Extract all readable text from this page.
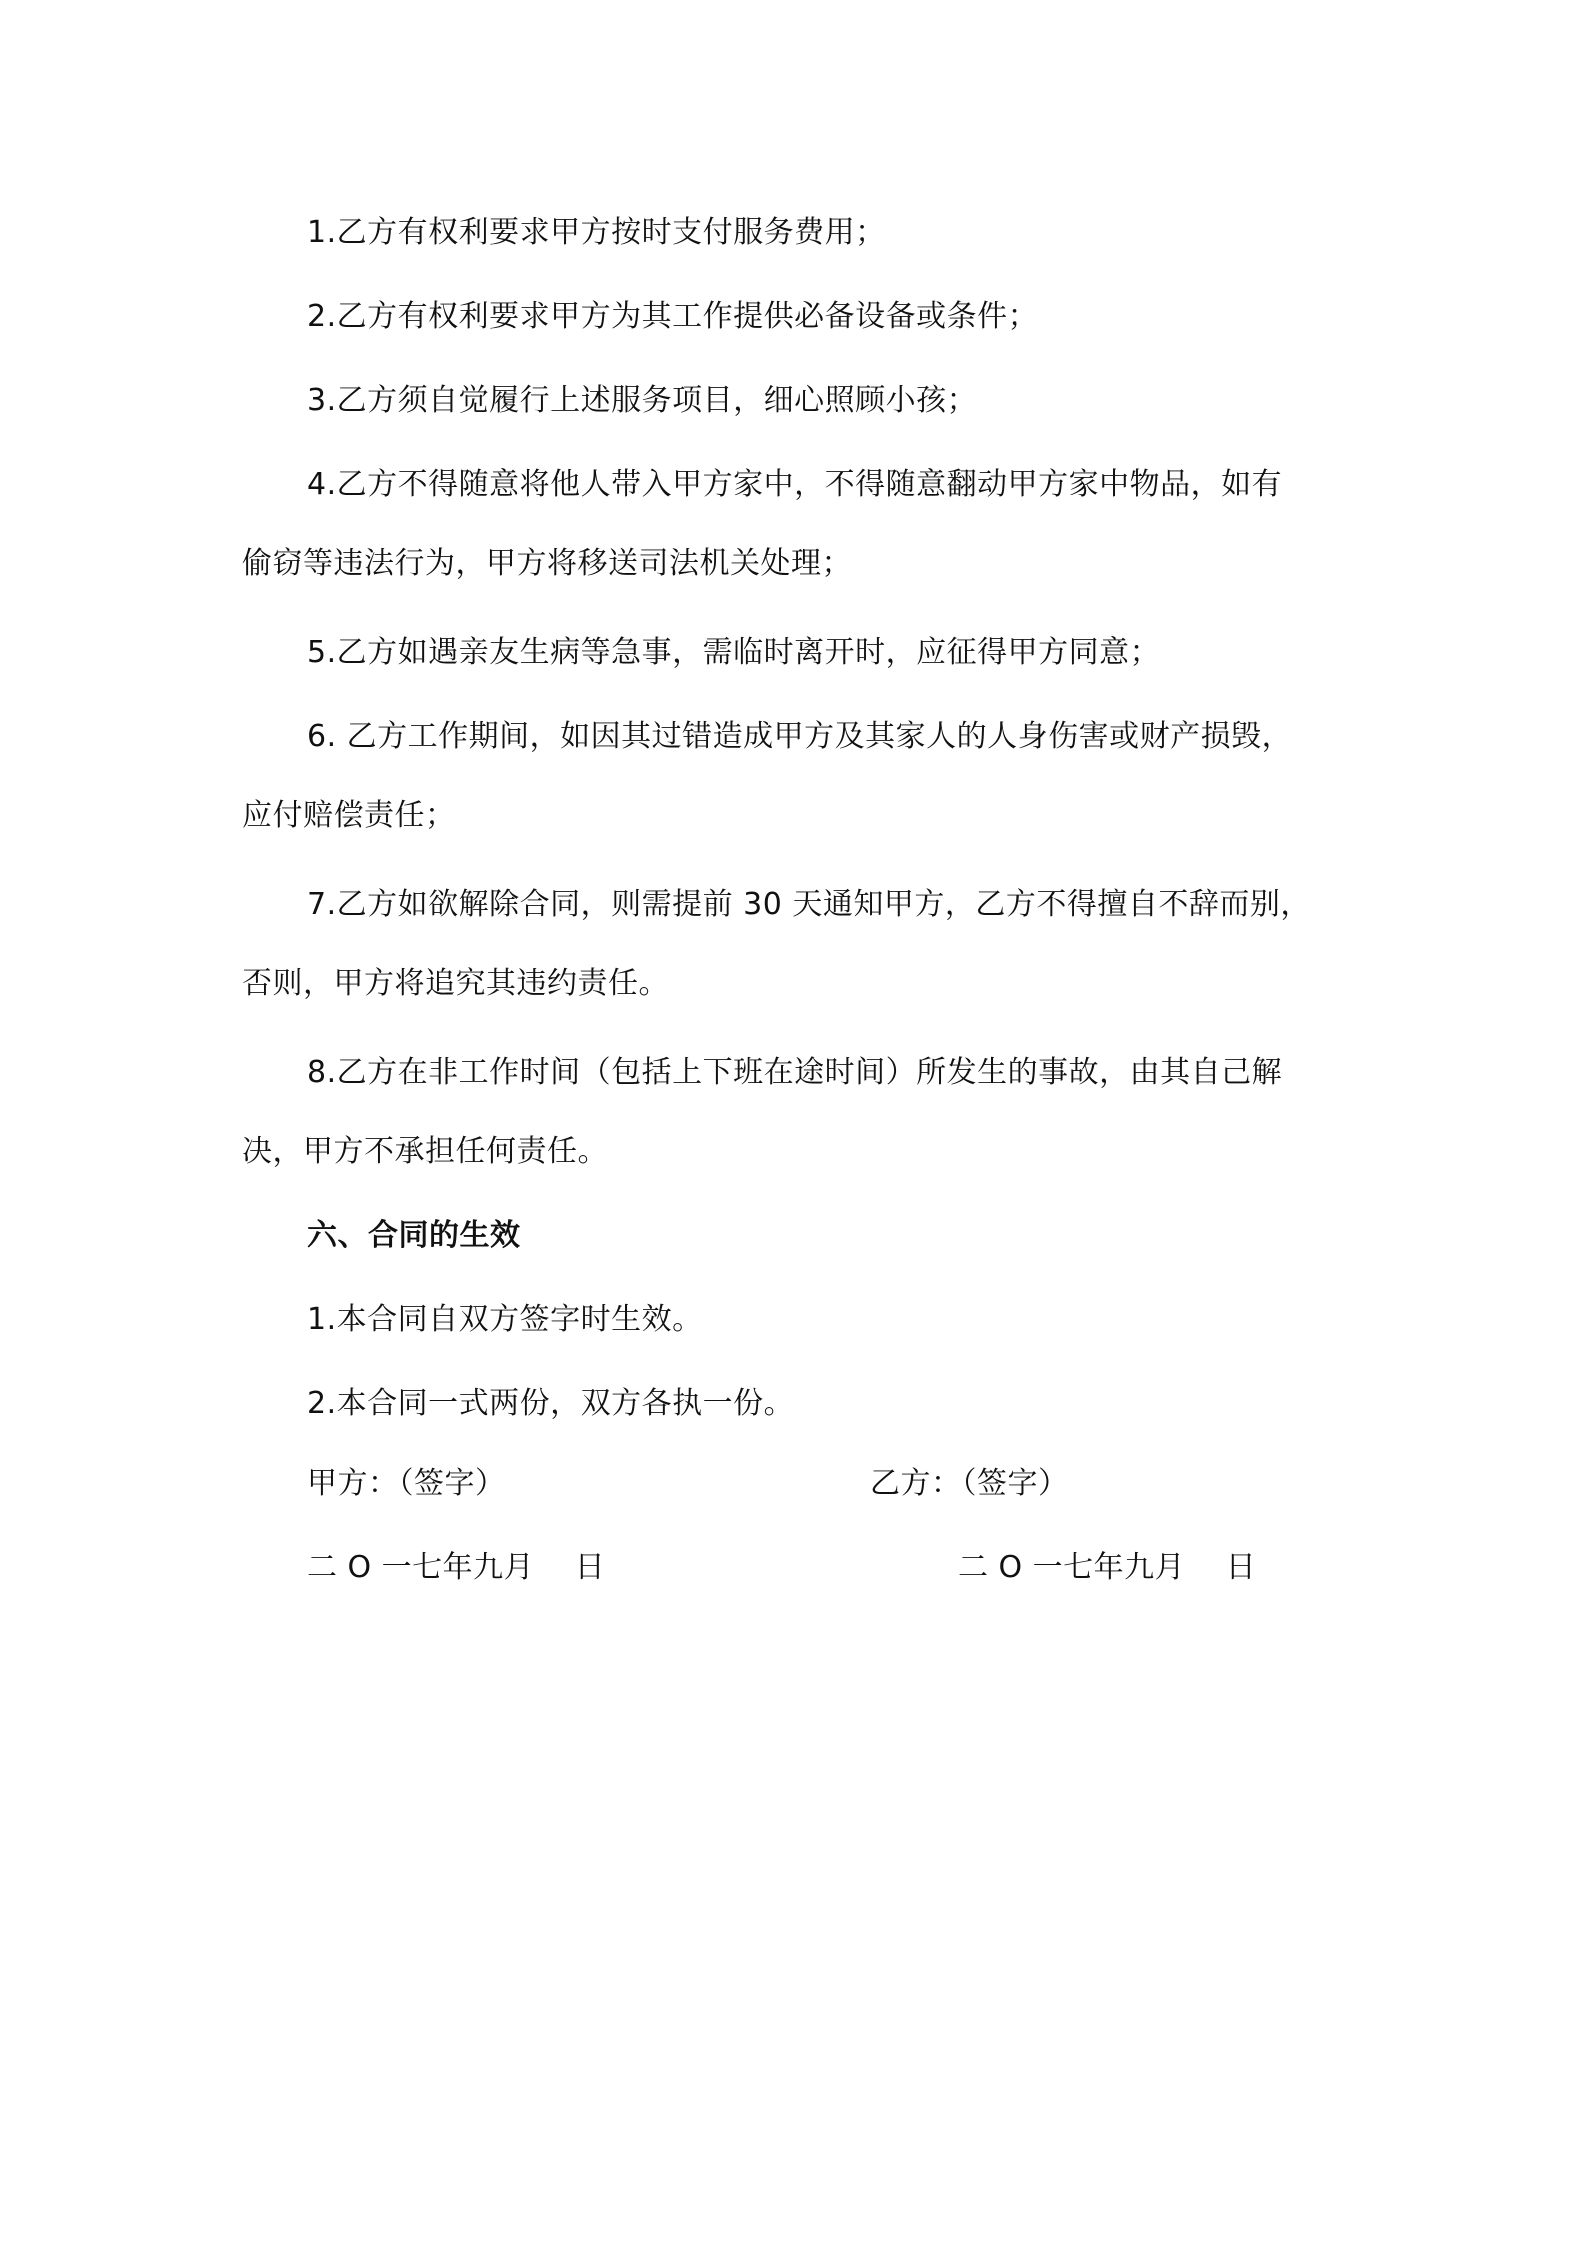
1.乙方有权利要求甲方按时支付服务费用；
2.乙方有权利要求甲方为其工作提供必备设备或条件；
3.乙方须自觉履行上述服务项目，细心照顾小孩；
4.乙方不得随意将他人带入甲方家中，不得随意翻动甲方家中物品，如有
偷窃等违法行为，甲方将移送司法机关处理；
5.乙方如遇亲友生病等急事，需临时离开时，应征得甲方同意；
6. 乙方工作期间，如因其过错造成甲方及其家人的人身伤害或财产损毁，
应付赔偿责任；
7.乙方如欲解除合同，则需提前 30 天通知甲方，乙方不得擅自不辞而别，
否则，甲方将追究其违约责任。
8.乙方在非工作时间（包括上下班在途时间）所发生的事故，由其自己解
决，甲方不承担任何责任。
六、合同的生效
1.本合同自双方签字时生效。
2.本合同一式两份，双方各执一份。
甲方：（签字）	乙方：（签字）
二 O 一七年九月　 日	二 O 一七年九月　 日
